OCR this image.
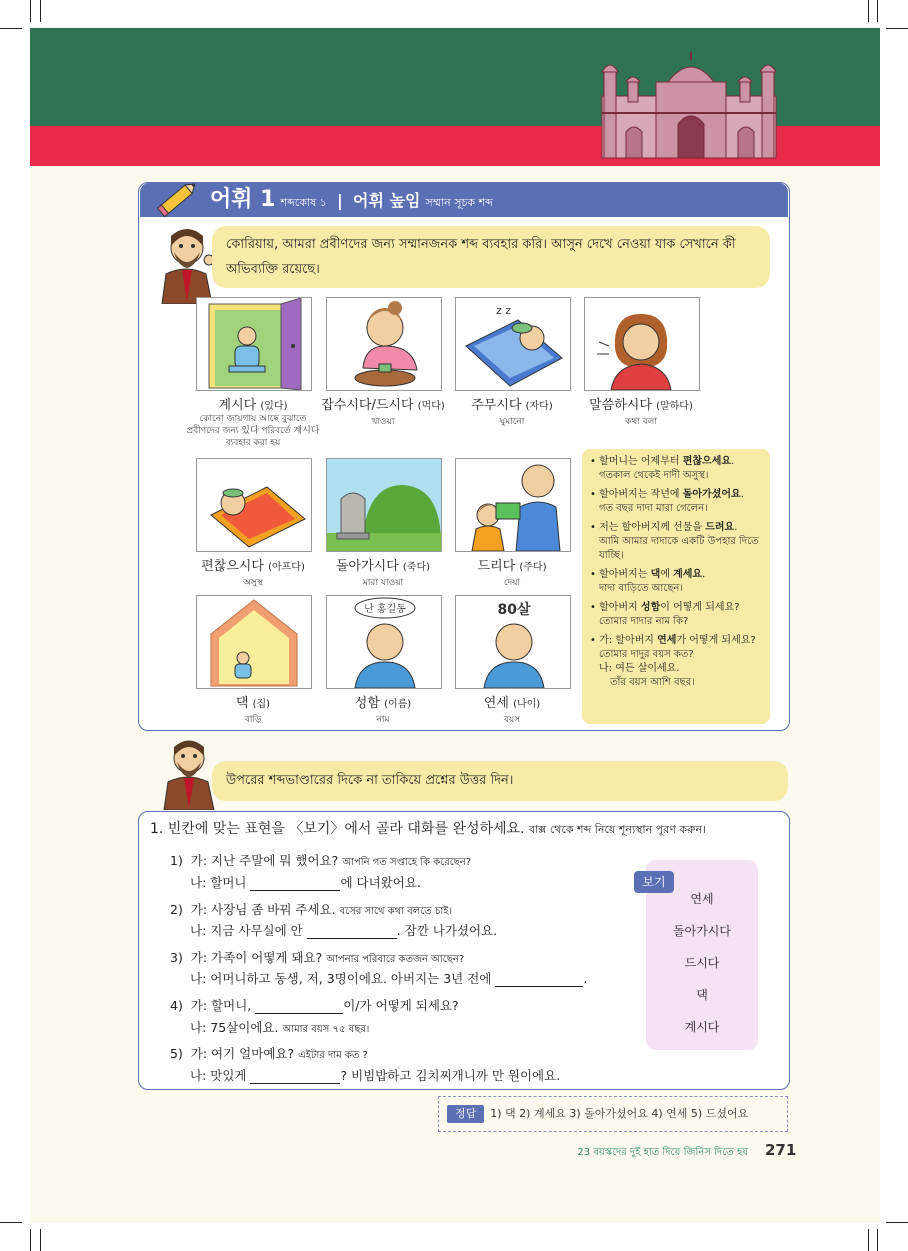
어휘 1 শব্দকোষ ১ | 어휘 높임 সম্মান সূচক শব্দ
কোরিয়ায়, আমরা প্রবীণদের জন্য সম্মানজনক শব্দ ব্যবহার করি। আসুন দেখে নেওয়া যাক সেখানে কী অভিব্যক্তি রয়েছে।
z z
계시다 (있다)
কোনো জায়গায় আছে বুঝাতে প্রবীণদের জন্য 있다 পরিবর্তে 계시다 ব্যবহার করা হয়
잡수시다/드시다 (먹다)
খাওয়া
주무시다 (자다)
ঘুমানো
말씀하시다 (말하다)
কথা বলা
편찮으시다 (아프다)
অসুস্থ
돌아가시다 (죽다)
মারা যাওয়া
드리다 (주다)
দেয়া
난 홍길동	80살
댁 (집)
বাড়ি
성함 (이름)
নাম
연세 (나이)
বয়স
• 할머니는 어제부터 편찮으세요.
গতকাল থেকেই দাদী অসুস্থ।
• 할아버지는 작년에 돌아가셨어요.
গত বছর দাদা মারা গেলেন।
• 저는 할아버지께 선물을 드려요.
আমি আমার দাদাকে একটি উপহার দিতে যাচ্ছি।
• 할아버지는 댁에 계세요.
দাদা বাড়িতে আছেন।
• 할아버지 성함이 어떻게 되세요?
তোমার দাদার নাম কি?
• 가: 할아버지 연세가 어떻게 되세요?
তোমার দাদুর বয়স কত?
나: 여든 살이세요.
তাঁর বয়স আশি বছর।
উপরের শব্দভাণ্ডারের দিকে না তাকিয়ে প্রশ্নের উত্তর দিন।
1. 빈칸에 맞는 표현을 〈보기〉에서 골라 대화를 완성하세요. বাক্স থেকে শব্দ নিয়ে শূন্যস্থান পূরণ করুন।
1) 가: 지난 주말에 뭐 했어요? আপনি গত সপ্তাহে কি করেছেন?
나: 할머니	에 다녀왔어요.
2) 가: 사장님 좀 바꿔 주세요. বসের সাথে কথা বলতে চাই।
나: 지금 사무실에 안	. 잠깐 나가셨어요.
3) 가: 가족이 어떻게 돼요? আপনার পরিবারে কতজন আছেন?
나: 어머니하고 동생, 저, 3명이에요. 아버지는 3년 전에	.
4) 가: 할머니,	이/가 어떻게 되세요?
나: 75살이에요. আমার বয়স ৭৫ বছর।
5) 가: 여기 얼마예요? এইটার দাম কত ?
나: 맛있게	? 비빔밥하고 김치찌개니까 만 원이에요.
보기
연세
돌아가시다
드시다
댁
계시다
정답 1) 댁 2) 계세요 3) 돌아가셨어요 4) 연세 5) 드셨어요
23 বয়স্কদের দুই হাত দিয়ে জিনিস দিতে হয় 271
